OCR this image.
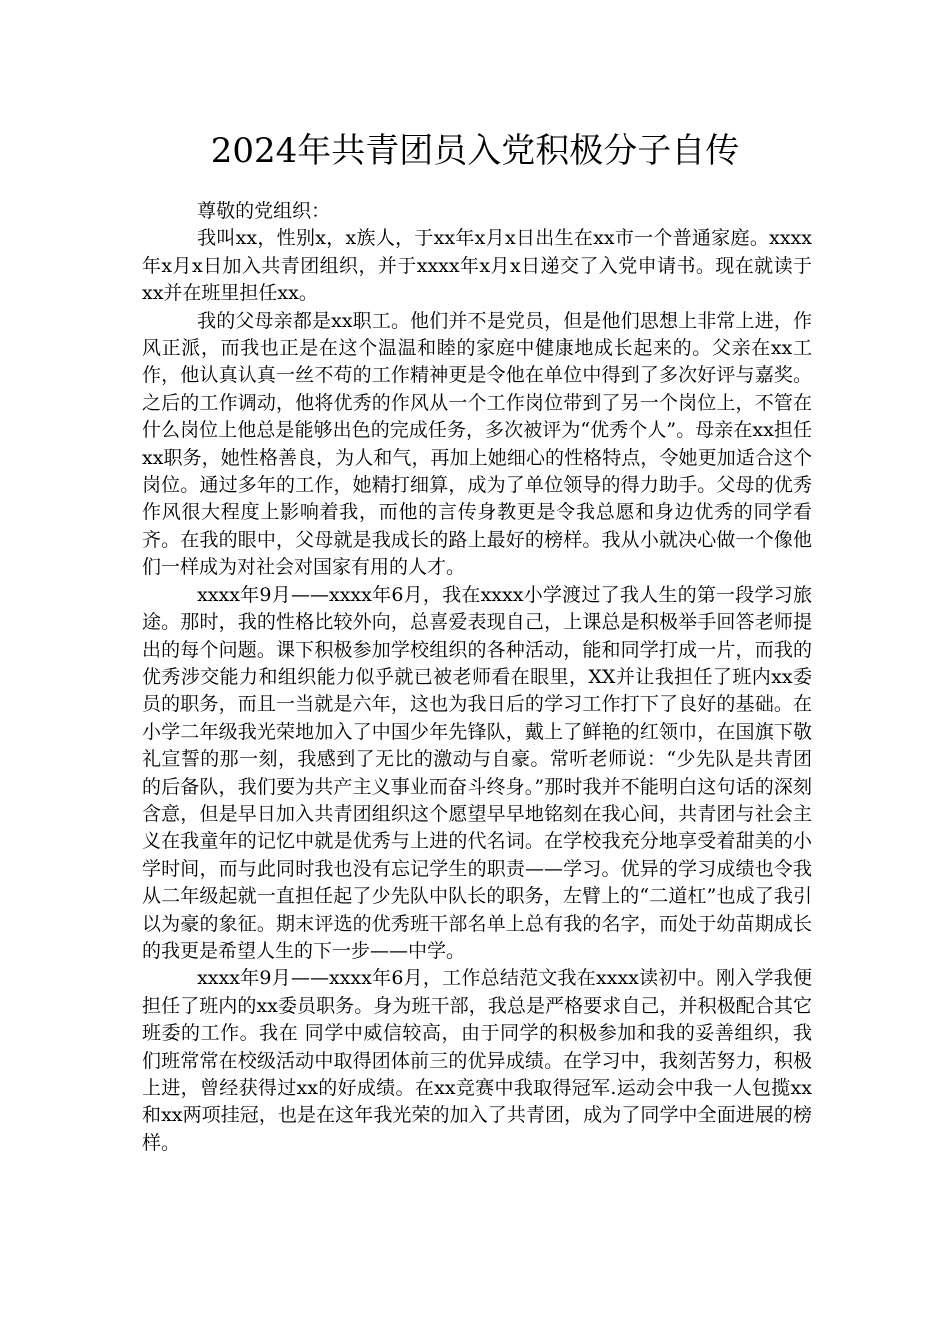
2024年共青团员入党积极分子自传

尊敬的党组织：

我叫xx，性别x，x族人，于xx年x月x日出生在xx市一个普通家庭。xxxx年x月x日加入共青团组织，并于xxxx年x月x日递交了入党申请书。现在就读于xx并在班里担任xx。

我的父母亲都是xx职工。他们并不是党员，但是他们思想上非常上进，作风正派，而我也正是在这个温温和睦的家庭中健康地成长起来的。父亲在xx工作，他认真认真一丝不苟的工作精神更是令他在单位中得到了多次好评与嘉奖。之后的工作调动，他将优秀的作风从一个工作岗位带到了另一个岗位上，不管在什么岗位上他总是能够出色的完成任务，多次被评为“优秀个人”。母亲在xx担任xx职务，她性格善良，为人和气，再加上她细心的性格特点，令她更加适合这个岗位。通过多年的工作，她精打细算，成为了单位领导的得力助手。父母的优秀作风很大程度上影响着我，而他的言传身教更是令我总愿和身边优秀的同学看齐。在我的眼中，父母就是我成长的路上最好的榜样。我从小就决心做一个像他们一样成为对社会对国家有用的人才。

xxxx年9月——xxxx年6月，我在xxxx小学渡过了我人生的第一段学习旅途。那时，我的性格比较外向，总喜爱表现自己，上课总是积极举手回答老师提出的每个问题。课下积极参加学校组织的各种活动，能和同学打成一片，而我的优秀涉交能力和组织能力似乎就已被老师看在眼里，XX并让我担任了班内xx委员的职务，而且一当就是六年，这也为我日后的学习工作打下了良好的基础。在小学二年级我光荣地加入了中国少年先锋队，戴上了鲜艳的红领巾，在国旗下敬礼宣誓的那一刻，我感到了无比的激动与自豪。常听老师说：“少先队是共青团的后备队，我们要为共产主义事业而奋斗终身。”那时我并不能明白这句话的深刻含意，但是早日加入共青团组织这个愿望早早地铭刻在我心间，共青团与社会主义在我童年的记忆中就是优秀与上进的代名词。在学校我充分地享受着甜美的小学时间，而与此同时我也没有忘记学生的职责——学习。优异的学习成绩也令我从二年级起就一直担任起了少先队中队长的职务，左臂上的“二道杠”也成了我引以为豪的象征。期末评选的优秀班干部名单上总有我的名字，而处于幼苗期成长的我更是希望人生的下一步——中学。

xxxx年9月——xxxx年6月，工作总结范文我在xxxx读初中。刚入学我便担任了班内的xx委员职务。身为班干部，我总是严格要求自己，并积极配合其它班委的工作。我在 同学中威信较高，由于同学的积极参加和我的妥善组织，我们班常常在校级活动中取得团体前三的优异成绩。在学习中，我刻苦努力，积极上进，曾经获得过xx的好成绩。在xx竞赛中我取得冠军.运动会中我一人包揽xx和xx两项挂冠，也是在这年我光荣的加入了共青团，成为了同学中全面进展的榜样。
